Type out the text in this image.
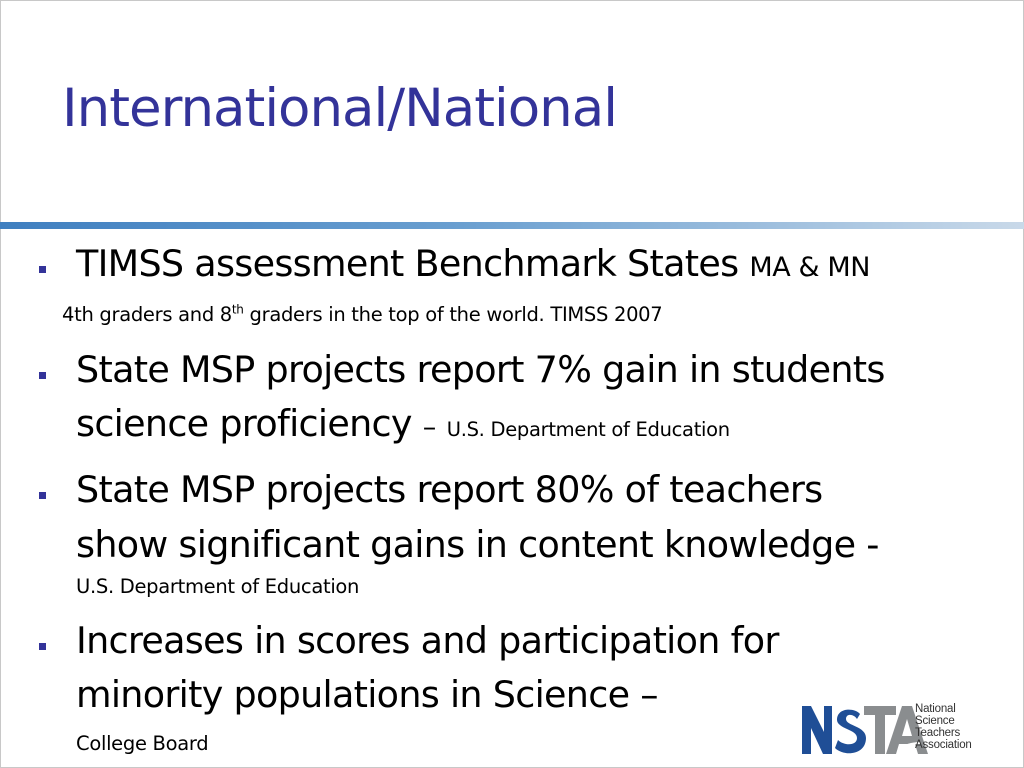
International/National
TIMSS assessment Benchmark States MA & MN
4th graders and 8th graders in the top of the world. TIMSS 2007
State MSP projects report 7% gain in students
science proficiency – U.S. Department of Education
State MSP projects report 80% of teachers
show significant gains in content knowledge -
U.S. Department of Education
Increases in scores and participation for
minority populations in Science –
College Board
National
Science
Teachers
Association
